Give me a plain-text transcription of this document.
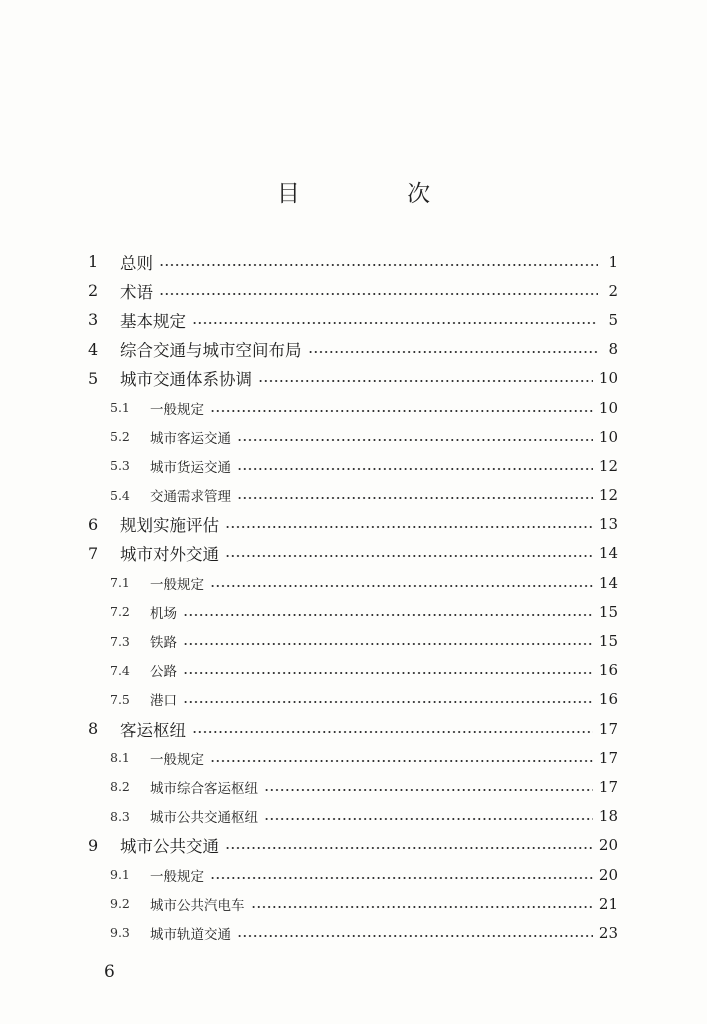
目 次
1	总则	1
2	术语	2
3	基本规定	5
4	综合交通与城市空间布局	8
5	城市交通体系协调	10
5.1	一般规定	10
5.2	城市客运交通	10
5.3	城市货运交通	12
5.4	交通需求管理	12
6	规划实施评估	13
7	城市对外交通	14
7.1	一般规定	14
7.2	机场	15
7.3	铁路	15
7.4	公路	16
7.5	港口	16
8	客运枢纽	17
8.1	一般规定	17
8.2	城市综合客运枢纽	17
8.3	城市公共交通枢纽	18
9	城市公共交通	20
9.1	一般规定	20
9.2	城市公共汽电车	21
9.3	城市轨道交通	23
6
